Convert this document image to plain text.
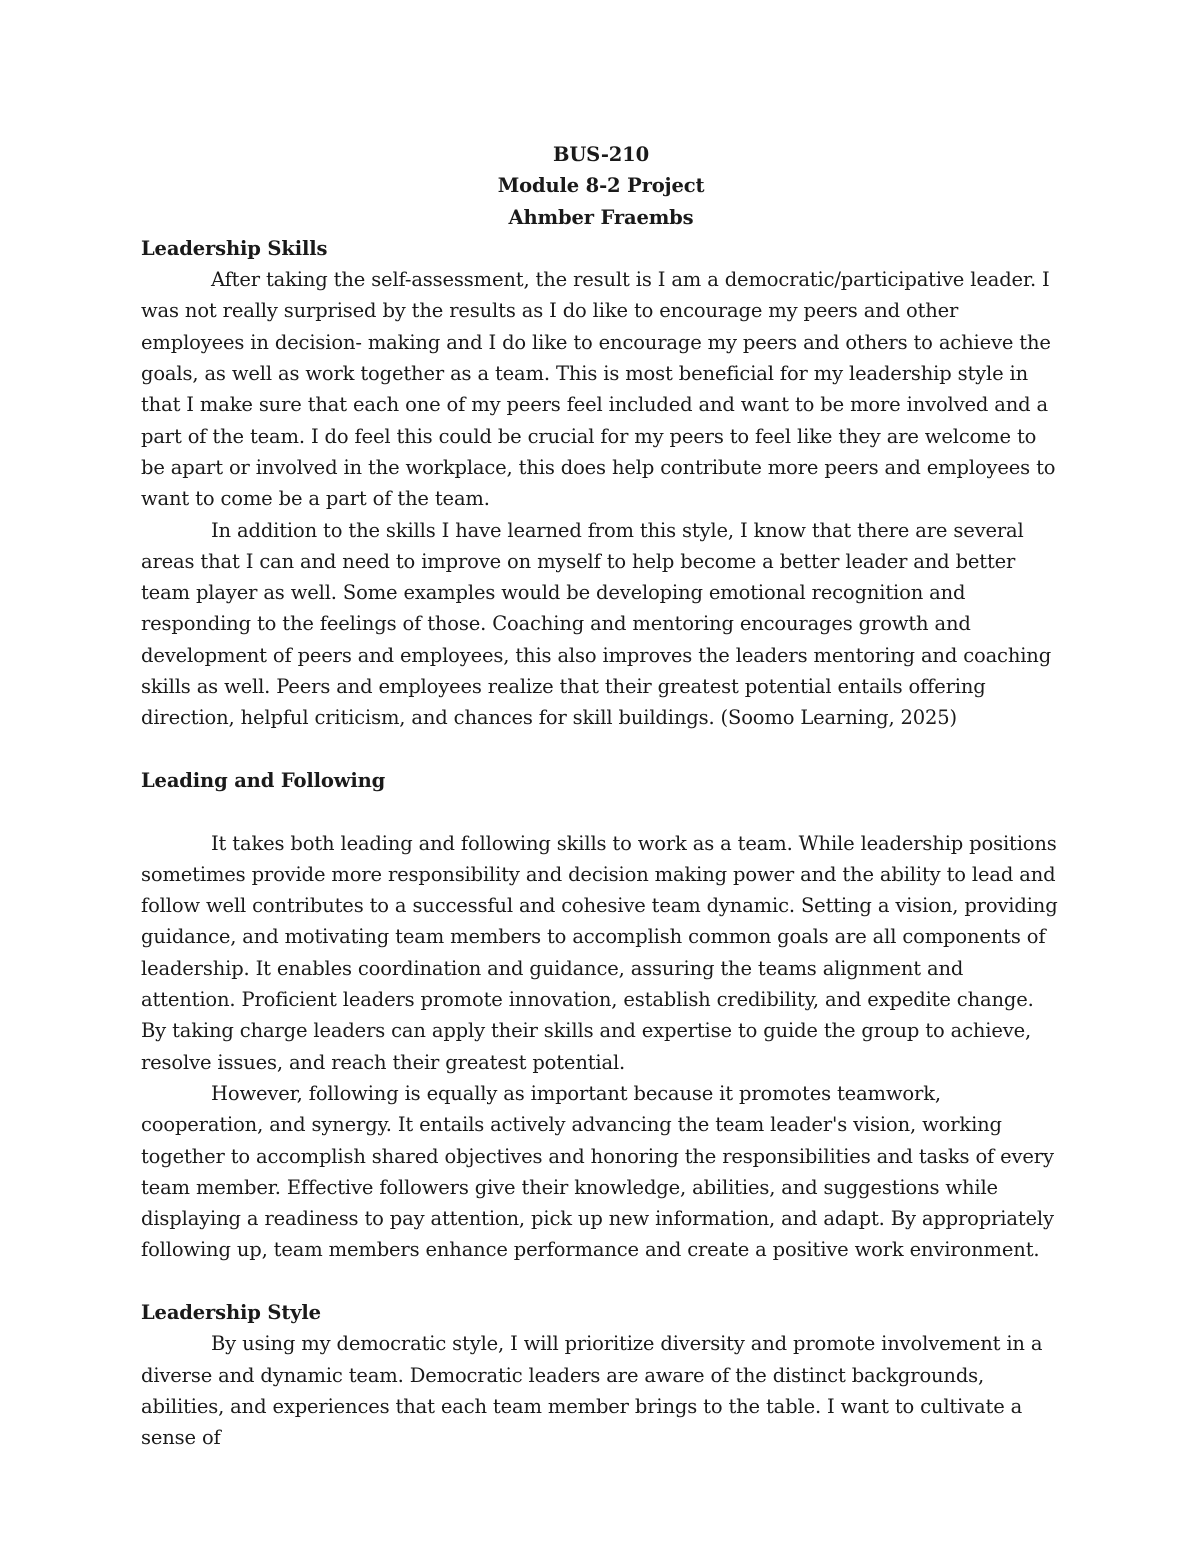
BUS-210

Module 8-2 Project

Ahmber Fraembs

Leadership Skills

After taking the self-assessment, the result is I am a democratic/participative leader. I was not really surprised by the results as I do like to encourage my peers and other employees in decision- making and I do like to encourage my peers and others to achieve the goals, as well as work together as a team. This is most beneficial for my leadership style in that I make sure that each one of my peers feel included and want to be more involved and a part of the team. I do feel this could be crucial for my peers to feel like they are welcome to be apart or involved in the workplace, this does help contribute more peers and employees to want to come be a part of the team.

In addition to the skills I have learned from this style, I know that there are several areas that I can and need to improve on myself to help become a better leader and better team player as well. Some examples would be developing emotional recognition and responding to the feelings of those. Coaching and mentoring encourages growth and development of peers and employees, this also improves the leaders mentoring and coaching skills as well. Peers and employees realize that their greatest potential entails offering direction, helpful criticism, and chances for skill buildings. (Soomo Learning, 2025)

Leading and Following

It takes both leading and following skills to work as a team. While leadership positions sometimes provide more responsibility and decision making power and the ability to lead and follow well contributes to a successful and cohesive team dynamic. Setting a vision, providing guidance, and motivating team members to accomplish common goals are all components of leadership. It enables coordination and guidance, assuring the teams alignment and attention. Proficient leaders promote innovation, establish credibility, and expedite change. By taking charge leaders can apply their skills and expertise to guide the group to achieve, resolve issues, and reach their greatest potential.

However, following is equally as important because it promotes teamwork, cooperation, and synergy. It entails actively advancing the team leader's vision, working together to accomplish shared objectives and honoring the responsibilities and tasks of every team member. Effective followers give their knowledge, abilities, and suggestions while displaying a readiness to pay attention, pick up new information, and adapt. By appropriately following up, team members enhance performance and create a positive work environment.

Leadership Style

By using my democratic style, I will prioritize diversity and promote involvement in a diverse and dynamic team. Democratic leaders are aware of the distinct backgrounds, abilities, and experiences that each team member brings to the table. I want to cultivate a sense of
